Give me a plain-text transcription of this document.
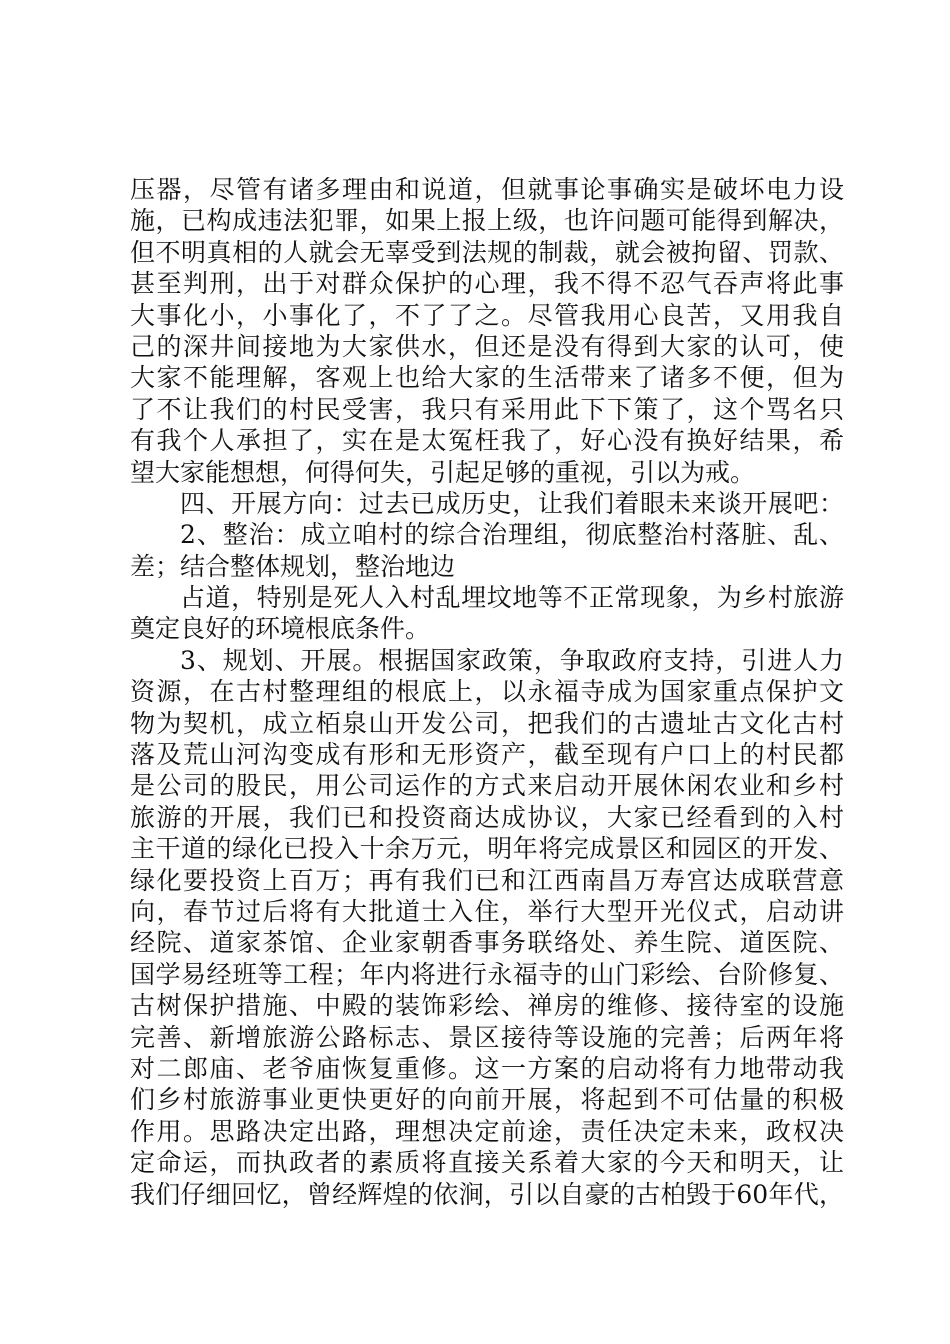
压器，尽管有诸多理由和说道，但就事论事确实是破坏电力设
施，已构成违法犯罪，如果上报上级，也许问题可能得到解决，
但不明真相的人就会无辜受到法规的制裁，就会被拘留、罚款、
甚至判刑，出于对群众保护的心理，我不得不忍气吞声将此事
大事化小，小事化了，不了了之。尽管我用心良苦，又用我自
己的深井间接地为大家供水，但还是没有得到大家的认可，使
大家不能理解，客观上也给大家的生活带来了诸多不便，但为
了不让我们的村民受害，我只有采用此下下策了，这个骂名只
有我个人承担了，实在是太冤枉我了，好心没有换好结果，希
望大家能想想，何得何失，引起足够的重视，引以为戒。
四、开展方向：过去已成历史，让我们着眼未来谈开展吧：
2、整治：成立咱村的综合治理组，彻底整治村落脏、乱、
差；结合整体规划，整治地边
占道，特别是死人入村乱埋坟地等不正常现象，为乡村旅游
奠定良好的环境根底条件。
3、规划、开展。根据国家政策，争取政府支持，引进人力
资源，在古村整理组的根底上，以永福寺成为国家重点保护文
物为契机，成立栢泉山开发公司，把我们的古遗址古文化古村
落及荒山河沟变成有形和无形资产，截至现有户口上的村民都
是公司的股民，用公司运作的方式来启动开展休闲农业和乡村
旅游的开展，我们已和投资商达成协议，大家已经看到的入村
主干道的绿化已投入十余万元，明年将完成景区和园区的开发、
绿化要投资上百万；再有我们已和江西南昌万寿宫达成联营意
向，春节过后将有大批道士入住，举行大型开光仪式，启动讲
经院、道家茶馆、企业家朝香事务联络处、养生院、道医院、
国学易经班等工程；年内将进行永福寺的山门彩绘、台阶修复、
古树保护措施、中殿的装饰彩绘、禅房的维修、接待室的设施
完善、新增旅游公路标志、景区接待等设施的完善；后两年将
对二郎庙、老爷庙恢复重修。这一方案的启动将有力地带动我
们乡村旅游事业更快更好的向前开展，将起到不可估量的积极
作用。思路决定出路，理想决定前途，责任决定未来，政权决
定命运，而执政者的素质将直接关系着大家的今天和明天，让
我们仔细回忆，曾经辉煌的依涧，引以自豪的古柏毁于60年代，
